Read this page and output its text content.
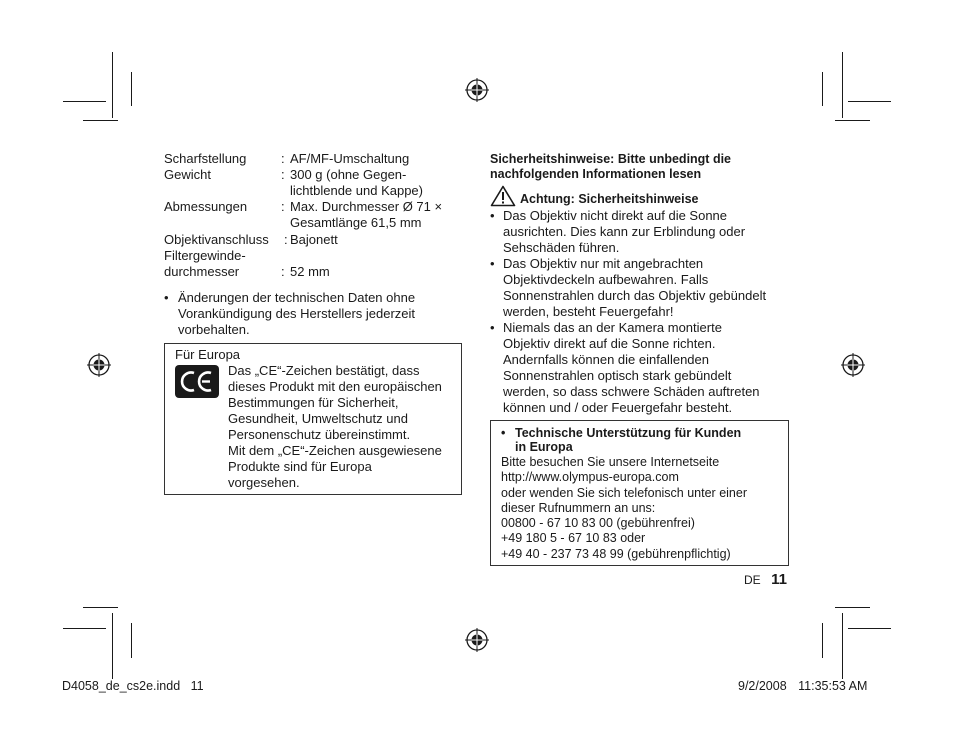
Scharfstellung	: AF/MF-Umschaltung
Gewicht	: 300 g (ohne Gegen-
lichtblende und Kappe)
Abmessungen	: Max. Durchmesser Ø 71 ×
Gesamtlänge 61,5 mm
Objektivanschluss : Bajonett
Filtergewinde-
durchmesser	: 52 mm
• Änderungen der technischen Daten ohne
Vorankündigung des Herstellers jederzeit
vorbehalten.
Für Europa
Das „CE“-Zeichen bestätigt, dass
dieses Produkt mit den europäischen
Bestimmungen für Sicherheit,
Gesundheit, Umweltschutz und
Personenschutz übereinstimmt.
Mit dem „CE“-Zeichen ausgewiesene
Produkte sind für Europa
vorgesehen.
Sicherheitshinweise: Bitte unbedingt die
nachfolgenden Informationen lesen
Achtung: Sicherheitshinweise
• Das Objektiv nicht direkt auf die Sonne
ausrichten. Dies kann zur Erblindung oder
Sehschäden führen.
• Das Objektiv nur mit angebrachten
Objektivdeckeln aufbewahren. Falls
Sonnenstrahlen durch das Objektiv gebündelt
werden, besteht Feuergefahr!
• Niemals das an der Kamera montierte
Objektiv direkt auf die Sonne richten.
Andernfalls können die einfallenden
Sonnenstrahlen optisch stark gebündelt
werden, so dass schwere Schäden auftreten
können und / oder Feuergefahr besteht.
• Technische Unterstützung für Kunden
in Europa
Bitte besuchen Sie unsere Internetseite
http://www.olympus-europa.com
oder wenden Sie sich telefonisch unter einer
dieser Rufnummern an uns:
00800 - 67 10 83 00 (gebührenfrei)
+49 180 5 - 67 10 83 oder
+49 40 - 237 73 48 99 (gebührenpflichtig)
DE 11
D4058_de_cs2e.indd   11	9/2/2008 11:35:53 AM
